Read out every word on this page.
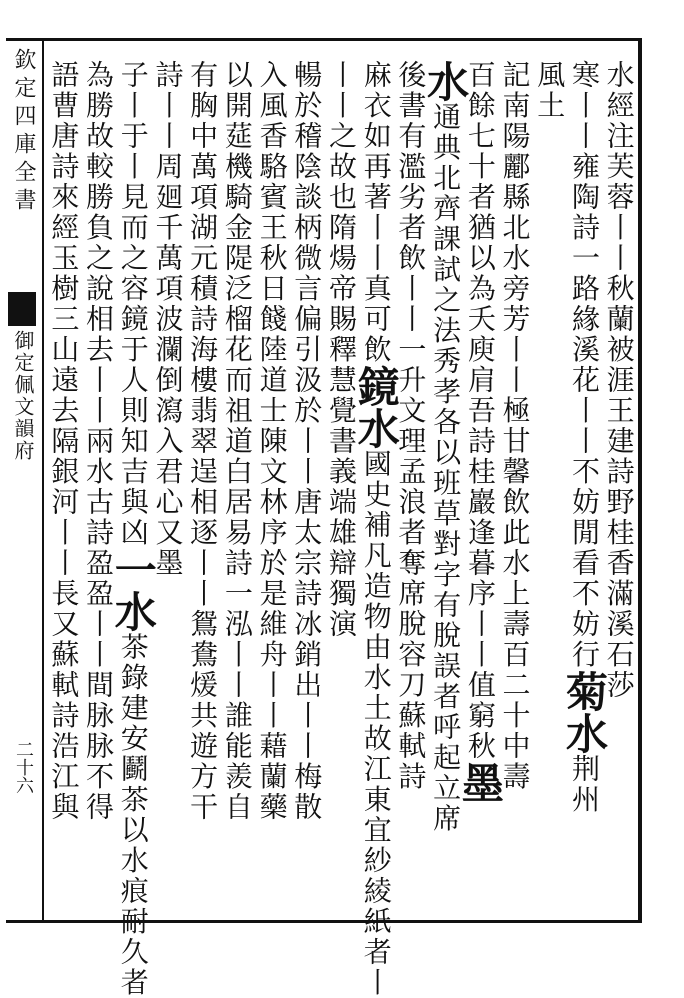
欽定四庫全書
御定佩文韻府
二十六
水經注芙蓉丨丨秋蘭被涯王建詩野桂香滿溪石莎
寒丨丨雍陶詩一路緣溪花丨丨不妨閒看不妨行菊水荆州
風土
記南陽酈縣北水旁芳丨丨極甘馨飲此水上壽百二十中壽
百餘七十者猶以為夭庾肩吾詩桂巖逢暮序丨丨值窮秋墨
水通典北齊課試之法秀孝各以班草對字有脫誤者呼起立席
後書有濫劣者飲丨丨一升文理孟浪者奪席脫容刀蘇軾詩
麻衣如再著丨丨真可飲鏡水國史補凡造物由水土故江東宜紗綾紙者丨
丨丨之故也隋煬帝賜釋慧覺書義端雄辯獨演
暢於稽陰談柄微言偏引汲於丨丨唐太宗詩冰銷出丨丨梅散
入風香駱賓王秋日餞陸道士陳文林序於是維舟丨丨藉蘭藥
以開莚機騎金隄泛榴花而祖道白居易詩一泓丨丨誰能羨自
有胸中萬項湖元積詩海樓翡翠逞相逐丨丨鴛鴦煖共遊方干
詩丨丨周廻千萬項波瀾倒瀉入君心又墨
子丨于丨見而之容鏡于人則知吉與凶一水茶錄建安鬬茶以水痕耐久者
為勝故較勝負之說相去丨丨兩水古詩盈盈丨丨間脉脉不得
語曹唐詩來經玉樹三山遠去隔銀河丨丨長又蘇軾詩浩江與
